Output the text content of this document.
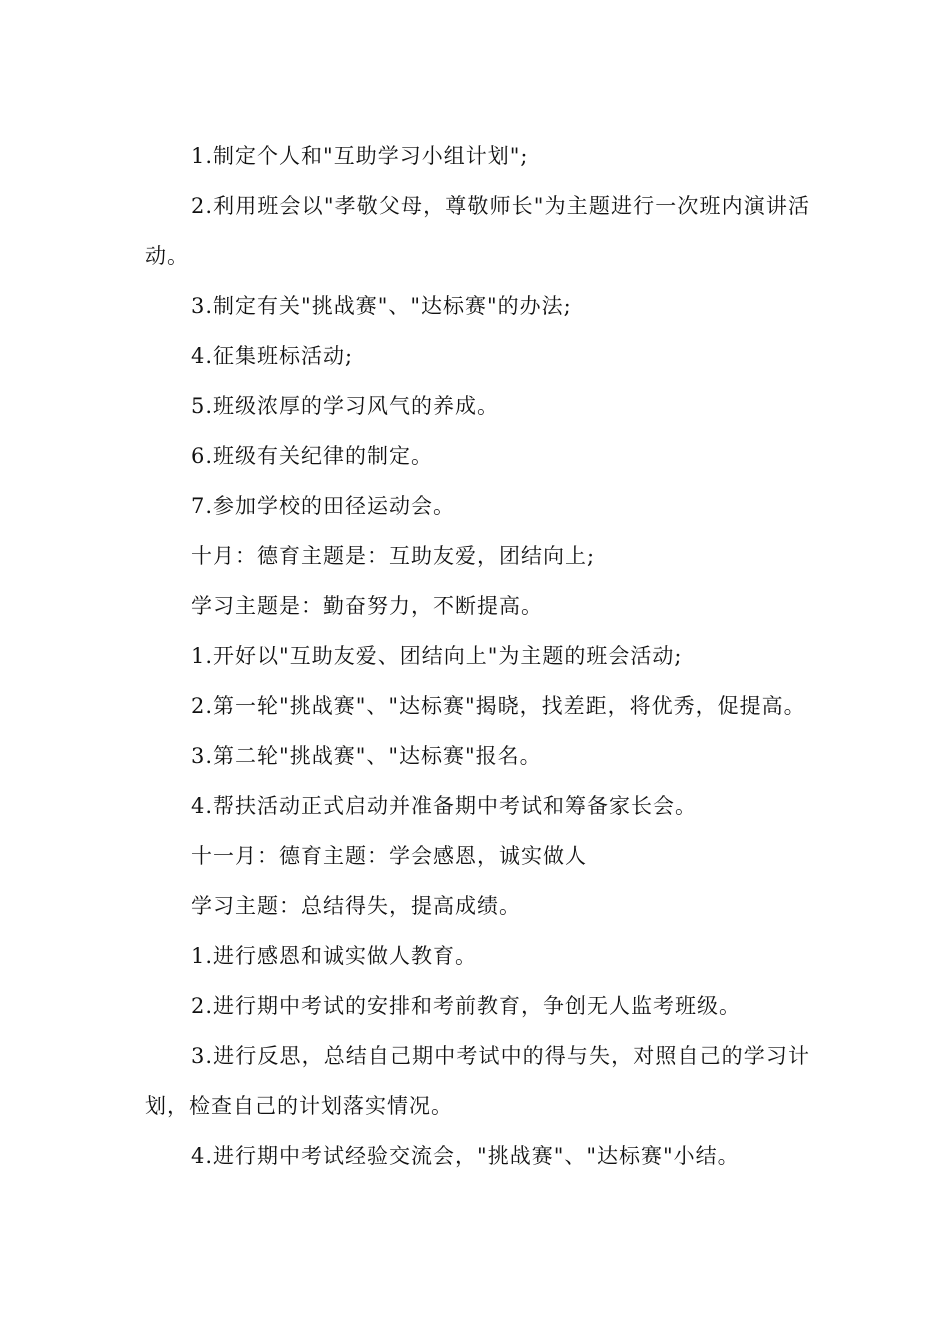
1.制定个人和"互助学习小组计划";

2.利用班会以"孝敬父母，尊敬师长"为主题进行一次班内演讲活动。

3.制定有关"挑战赛"、"达标赛"的办法;

4.征集班标活动;

5.班级浓厚的学习风气的养成。

6.班级有关纪律的制定。

7.参加学校的田径运动会。

十月：德育主题是：互助友爱，团结向上;

学习主题是：勤奋努力，不断提高。

1.开好以"互助友爱、团结向上"为主题的班会活动;

2.第一轮"挑战赛"、"达标赛"揭晓，找差距，将优秀，促提高。

3.第二轮"挑战赛"、"达标赛"报名。

4.帮扶活动正式启动并准备期中考试和筹备家长会。

十一月：德育主题：学会感恩，诚实做人

学习主题：总结得失，提高成绩。

1.进行感恩和诚实做人教育。

2.进行期中考试的安排和考前教育，争创无人监考班级。

3.进行反思，总结自己期中考试中的得与失，对照自己的学习计划，检查自己的计划落实情况。

4.进行期中考试经验交流会，"挑战赛"、"达标赛"小结。
